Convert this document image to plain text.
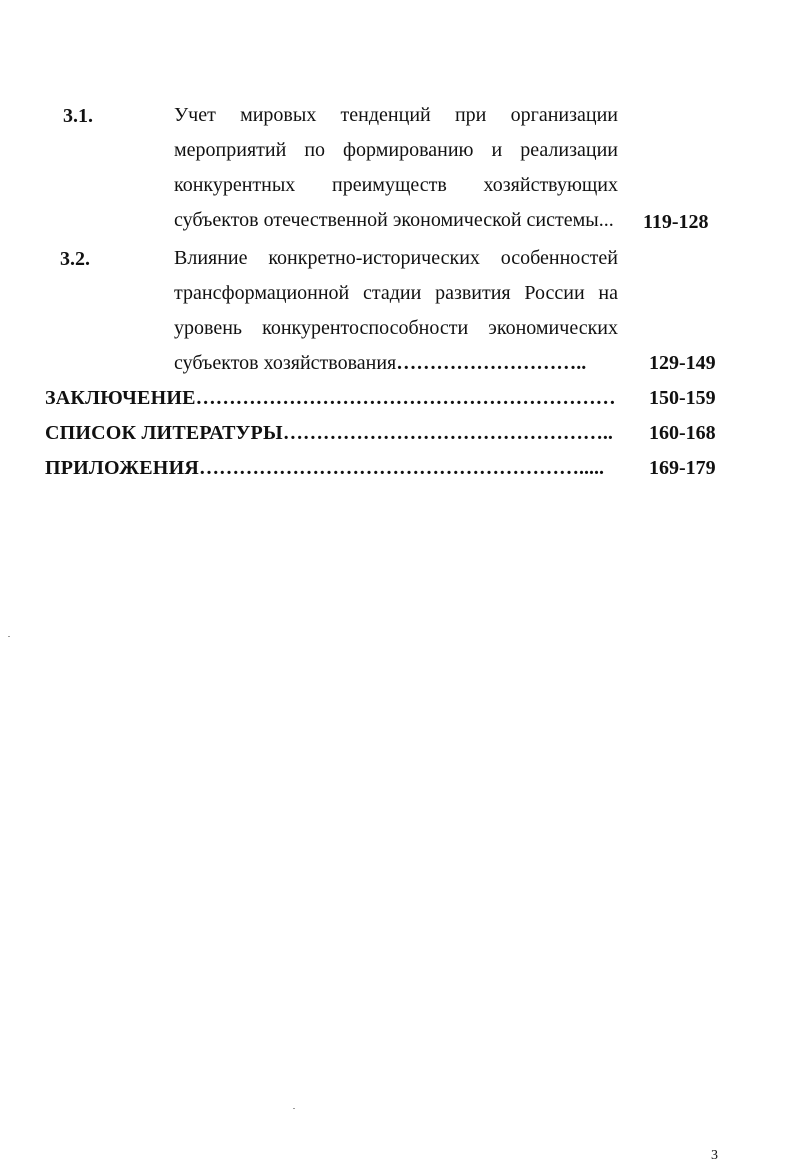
3.1.	Учет мировых тенденций при организации
мероприятий по формированию и реализации
конкурентных преимуществ хозяйствующих
субъектов отечественной экономической системы... 119-128
3.2.	Влияние конкретно-исторических особенностей
трансформационной стадии развития России на
уровень конкурентоспособности экономических
субъектов хозяйствования………………………..	129-149
ЗАКЛЮЧЕНИЕ……………………………………………………… 150-159
СПИСОК ЛИТЕРАТУРЫ………………………………………….. 160-168
ПРИЛОЖЕНИЯ………………………………………………….....	169-179
3
